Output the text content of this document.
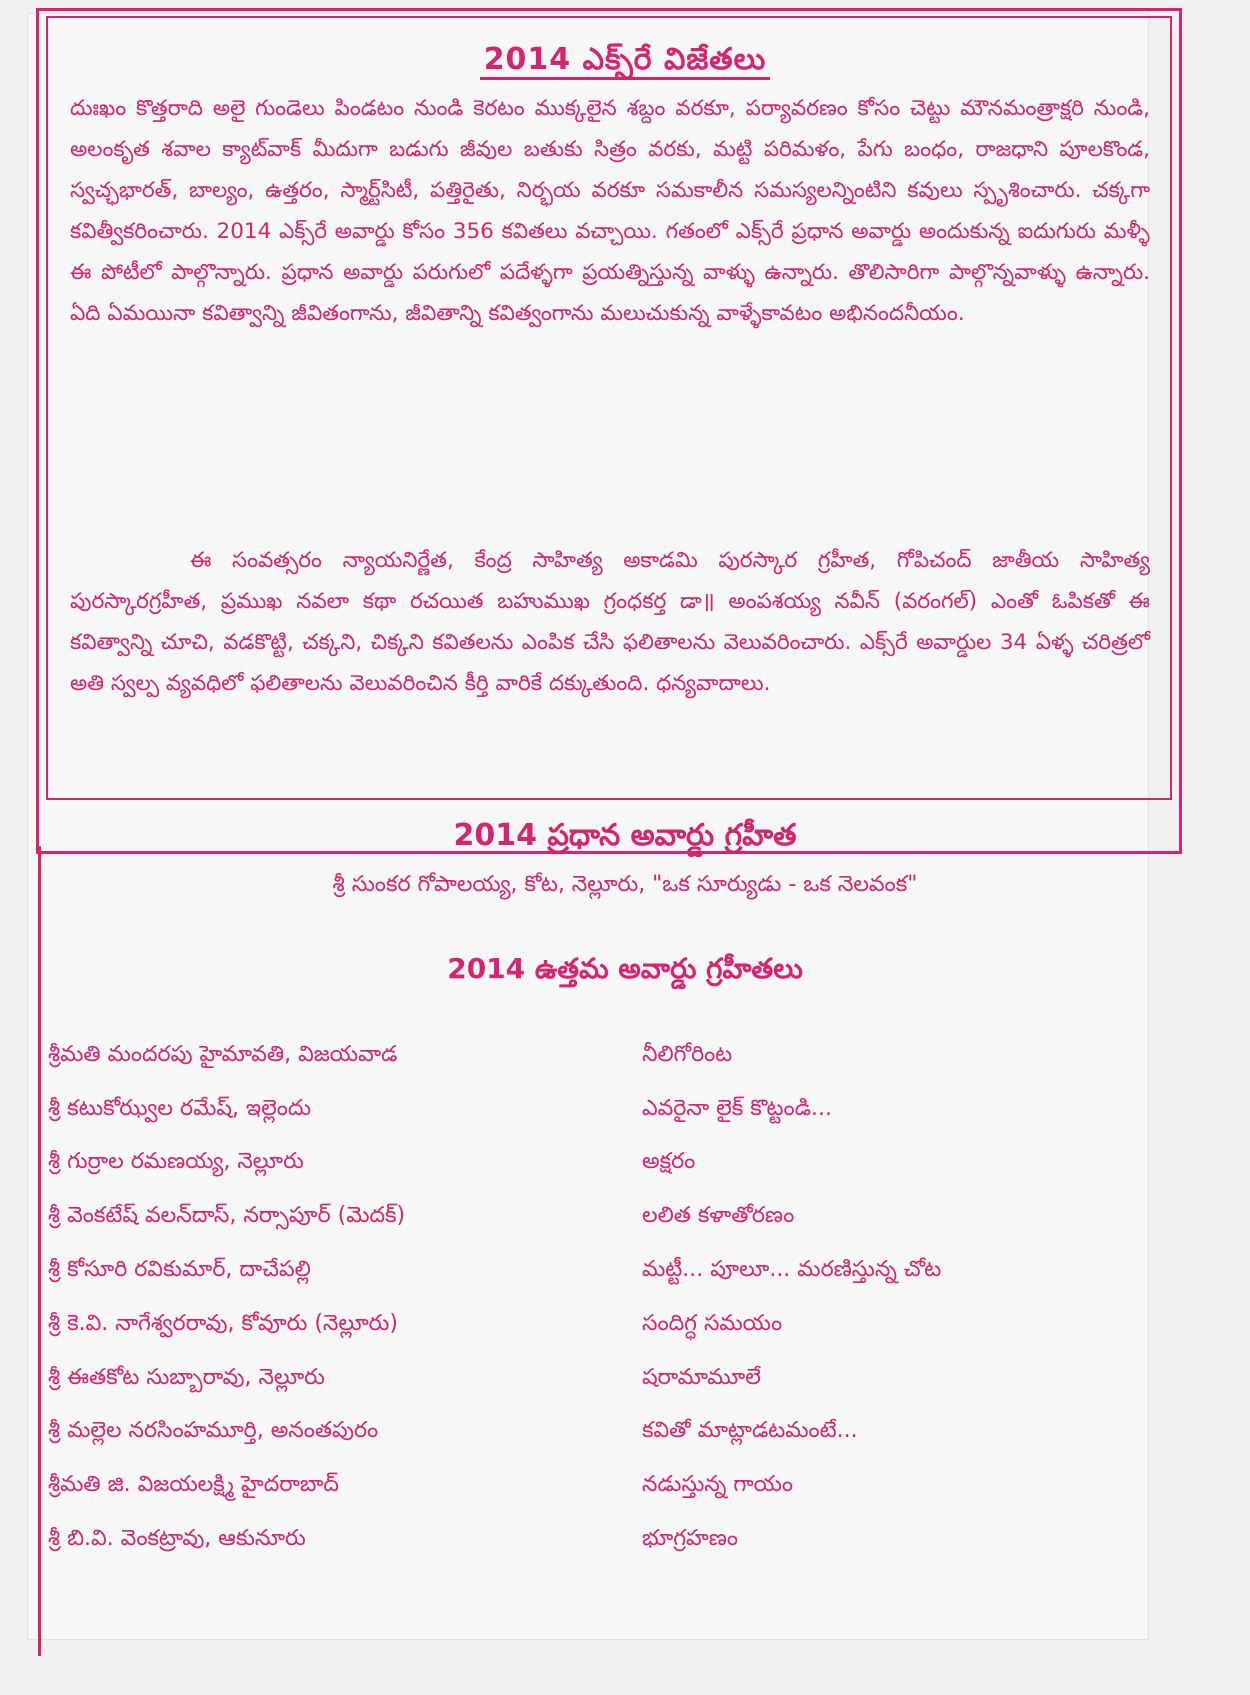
2014 ఎక్స్‌రే విజేతలు

దుఃఖం కొత్తరాది అలై గుండెలు పిండటం నుండి కెరటం ముక్కలైన శబ్దం వరకూ, పర్యావరణం కోసం చెట్టు మౌనమంత్రాక్షరి నుండి, అలంకృత శవాల క్యాట్‌వాక్ మీదుగా బడుగు జీవుల బతుకు సిత్రం వరకు, మట్టి పరిమళం, పేగు బంధం, రాజధాని పూలకొండ, స్వచ్ఛభారత్, బాల్యం, ఉత్తరం, స్మార్ట్‌సిటీ, పత్తిరైతు, నిర్భయ వరకూ సమకాలీన సమస్యలన్నింటిని కవులు స్పృశించారు. చక్కగా కవిత్వీకరించారు. 2014 ఎక్స్‌రే అవార్డు కోసం 356 కవితలు వచ్చాయి. గతంలో ఎక్స్‌రే ప్రధాన అవార్డు అందుకున్న ఐదుగురు మళ్ళీ ఈ పోటీలో పాల్గొన్నారు. ప్రధాన అవార్డు పరుగులో పదేళ్ళగా ప్రయత్నిస్తున్న వాళ్ళు ఉన్నారు. తొలిసారిగా పాల్గొన్నవాళ్ళు ఉన్నారు. ఏది ఏమయినా కవిత్వాన్ని జీవితంగాను, జీవితాన్ని కవిత్వంగాను మలుచుకున్న వాళ్ళేకావటం అభినందనీయం.

ఈ సంవత్సరం న్యాయనిర్ణేత, కేంద్ర సాహిత్య అకాడమి పురస్కార గ్రహీత, గోపిచంద్ జాతీయ సాహిత్య పురస్కారగ్రహీత, ప్రముఖ నవలా కథా రచయిత బహుముఖ గ్రంధకర్త డా॥ అంపశయ్య నవీన్ (వరంగల్) ఎంతో ఓపికతో ఈ కవిత్వాన్ని చూచి, వడకొట్టి, చక్కని, చిక్కని కవితలను ఎంపిక చేసి ఫలితాలను వెలువరించారు. ఎక్స్‌రే అవార్డుల 34 ఏళ్ళ చరిత్రలో అతి స్వల్ప వ్యవధిలో ఫలితాలను వెలువరించిన కీర్తి వారికే దక్కుతుంది. ధన్యవాదాలు.

2014 ప్రధాన అవార్డు గ్రహీత
శ్రీ సుంకర గోపాలయ్య, కోట, నెల్లూరు, "ఒక సూర్యుడు - ఒక నెలవంక"
2014 ఉత్తమ అవార్డు గ్రహీతలు
శ్రీమతి మందరపు హైమావతి, విజయవాడ	నీలిగోరింట
శ్రీ కటుకోఝ్వల రమేష్, ఇల్లెందు	ఎవరైనా లైక్ కొట్టండి...
శ్రీ గుర్రాల రమణయ్య, నెల్లూరు	అక్షరం
శ్రీ వెంకటేష్ వలన్‌దాస్, నర్సాపూర్ (మెదక్)	లలిత కళాతోరణం
శ్రీ కోసూరి రవికుమార్, దాచేపల్లి	మట్టీ... పూలూ... మరణిస్తున్న చోట
శ్రీ కె.వి. నాగేశ్వరరావు, కోవూరు (నెల్లూరు)	సందిగ్ధ సమయం
శ్రీ ఈతకోట సుబ్బారావు, నెల్లూరు	షరామామూలే
శ్రీ మల్లెల నరసింహమూర్తి, అనంతపురం	కవితో మాట్లాడటమంటే...
శ్రీమతి జి. విజయలక్ష్మి హైదరాబాద్	నడుస్తున్న గాయం
శ్రీ బి.వి. వెంకట్రావు, ఆకునూరు	భూగ్రహణం
